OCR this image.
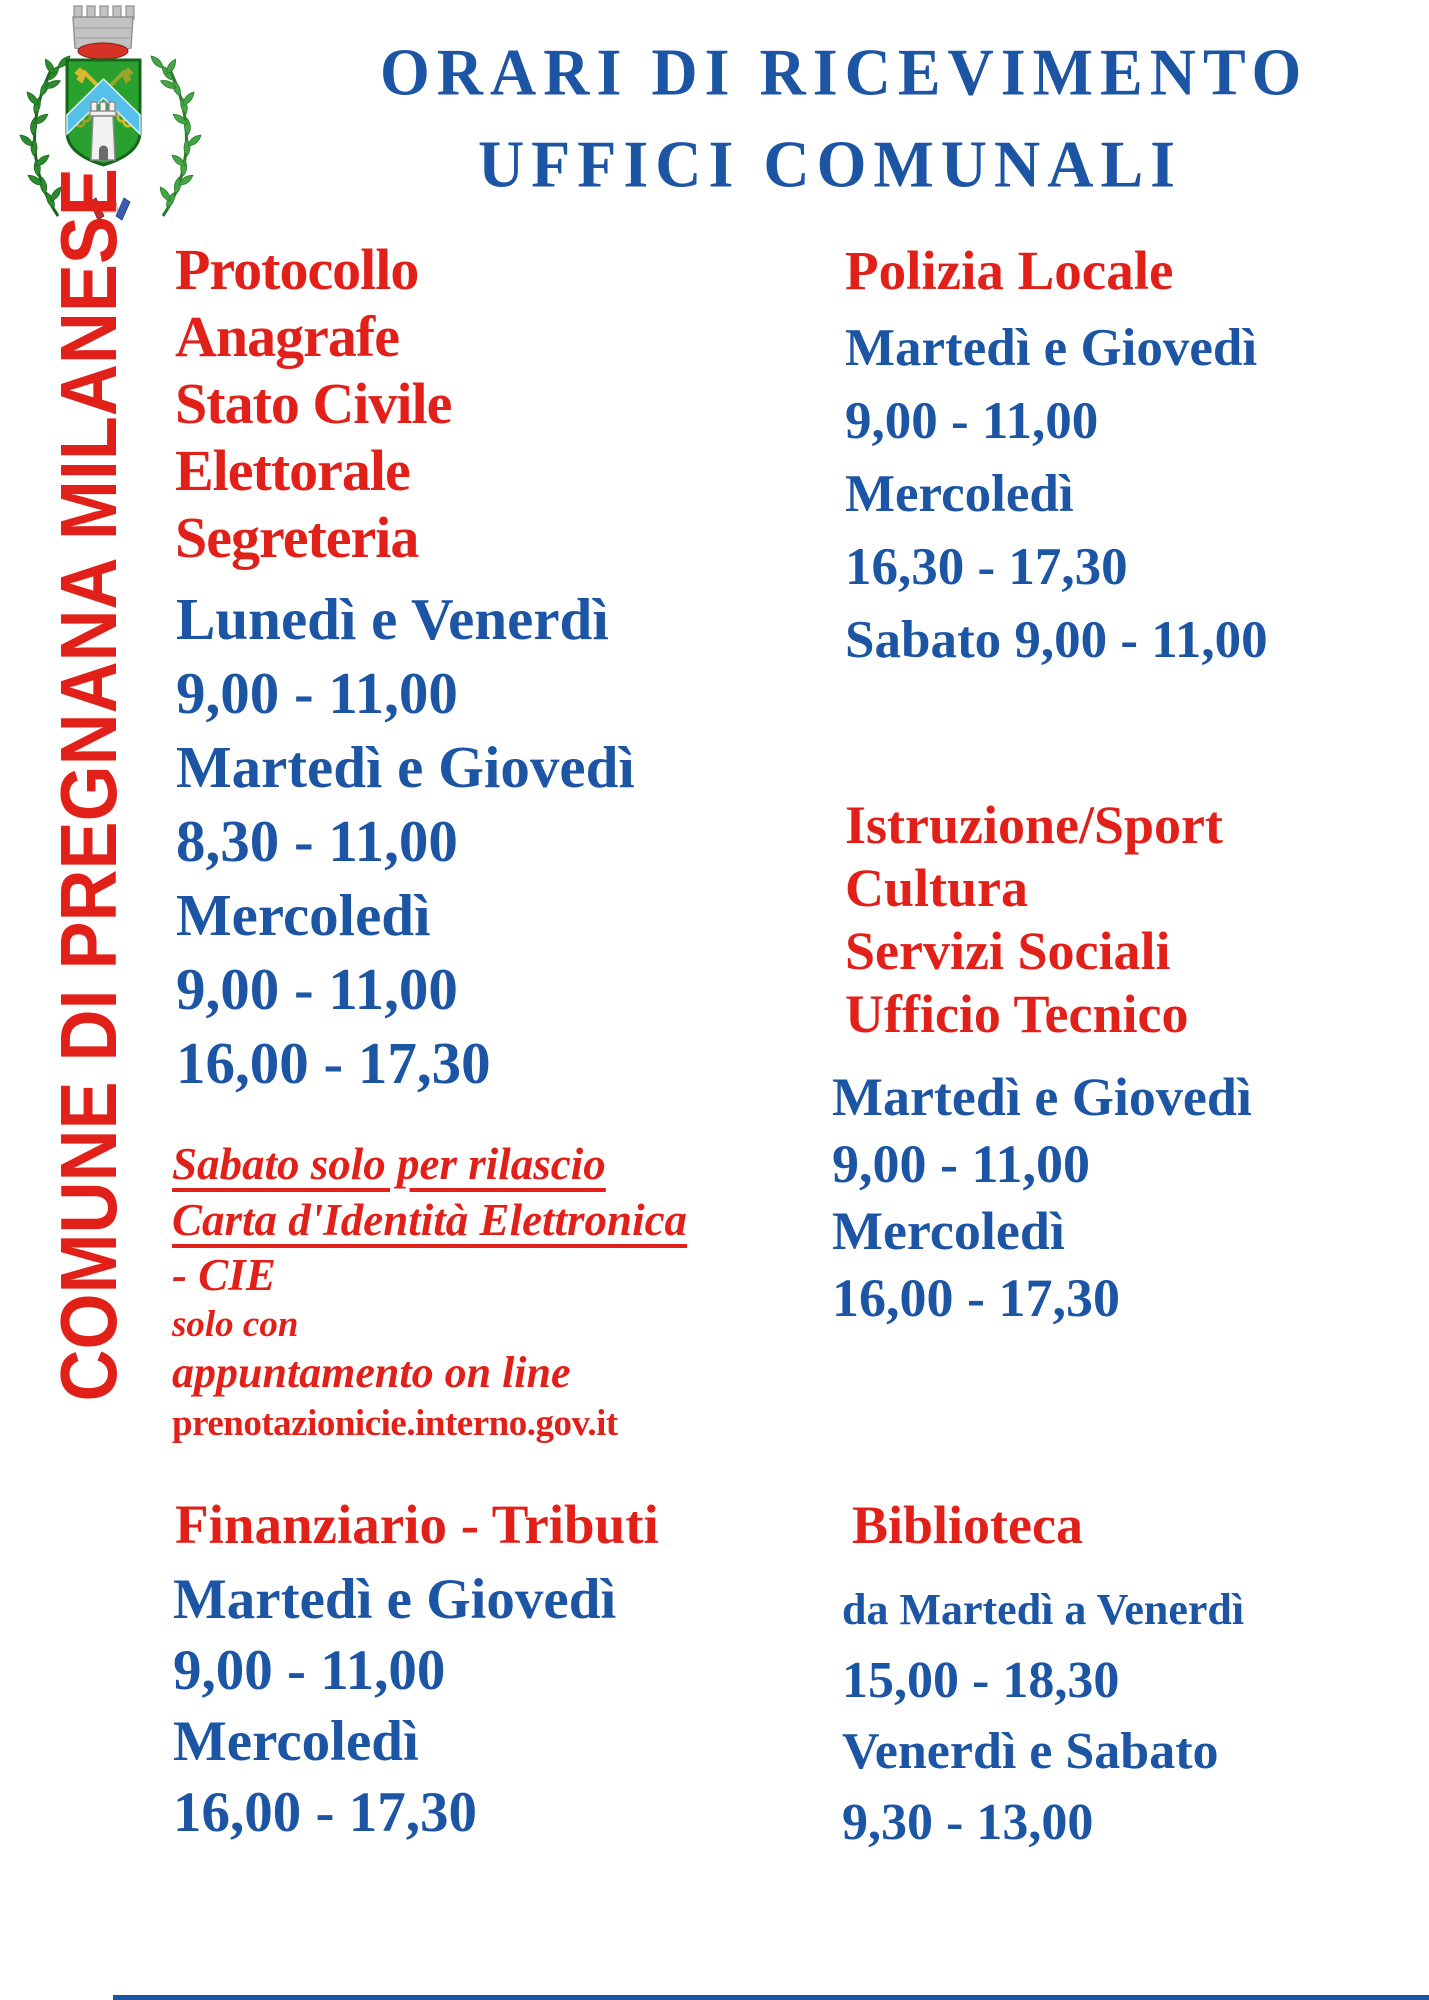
ORARI DI RICEVIMENTO
UFFICI COMUNALI
COMUNE DI PREGNANA MILANESE Protocollo
Anagrafe
Stato Civile
Elettorale
Segreteria
Lunedì e Venerdì
9,00 - 11,00
Martedì e Giovedì
8,30 - 11,00
Mercoledì
9,00 - 11,00
16,00 - 17,30
Sabato solo per rilascio
Carta d'Identità Elettronica
- CIE
solo con
appuntamento on line
prenotazionicie.interno.gov.it
Finanziario - Tributi
Martedì e Giovedì
9,00 - 11,00
Mercoledì
16,00 - 17,30
Polizia Locale
Martedì e Giovedì
9,00 - 11,00
Mercoledì
16,30 - 17,30
Sabato 9,00 - 11,00
Istruzione/Sport
Cultura
Servizi Sociali
Ufficio Tecnico
Martedì e Giovedì
9,00 - 11,00
Mercoledì
16,00 - 17,30
Biblioteca
da Martedì a Venerdì
15,00 - 18,30
Venerdì e Sabato
9,30 - 13,00
